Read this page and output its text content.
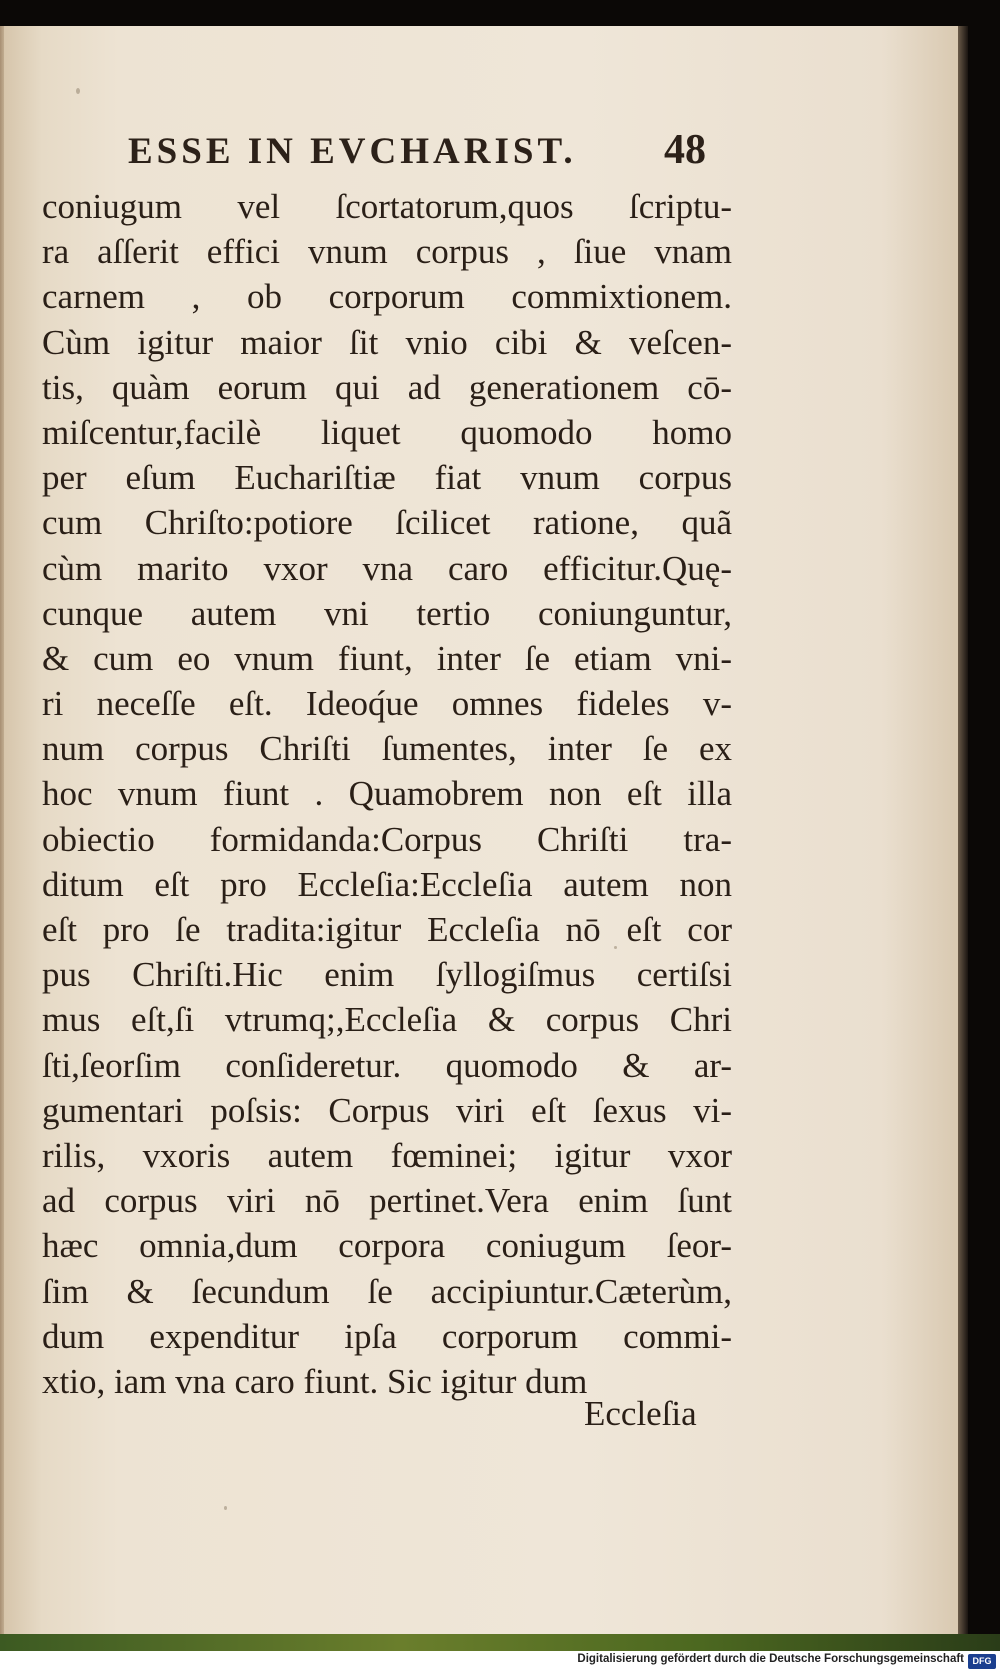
ESSE IN EVCHARIST. 48
coniugum vel ſcortatorum,quos ſcriptu-
ra aſſerit effici vnum corpus , ſiue vnam
carnem , ob corporum commixtionem.
Cùm igitur maior ſit vnio cibi & veſcen-
tis, quàm eorum qui ad generationem cō-
miſcentur,facilè liquet quomodo homo
per eſum Euchariſtiæ fiat vnum corpus
cum Chriſto:potiore ſcilicet ratione, quã
cùm marito vxor vna caro efficitur.Quę-
cunque autem vni tertio coniunguntur,
& cum eo vnum fiunt, inter ſe etiam vni-
ri neceſſe eſt. Ideoq́ue omnes fideles v-
num corpus Chriſti ſumentes, inter ſe ex
hoc vnum fiunt . Quamobrem non eſt illa
obiectio formidanda:Corpus Chriſti tra-
ditum eſt pro Eccleſia:Eccleſia autem non
eſt pro ſe tradita:igitur Eccleſia nō eſt cor
pus Chriſti.Hic enim ſyllogiſmus certiſsi
mus eſt,ſi vtrumq;,Eccleſia & corpus Chri
ſti,ſeorſim conſideretur. quomodo & ar-
gumentari poſsis: Corpus viri eſt ſexus vi-
rilis, vxoris autem fœminei; igitur vxor
ad corpus viri nō pertinet.Vera enim ſunt
hæc omnia,dum corpora coniugum ſeor-
ſim & ſecundum ſe accipiuntur.Cæterùm,
dum expenditur ipſa corporum commi-
xtio, iam vna caro fiunt. Sic igitur dum
Eccleſia
Digitalisierung gefördert durch die Deutsche Forschungsgemeinschaft DFG
